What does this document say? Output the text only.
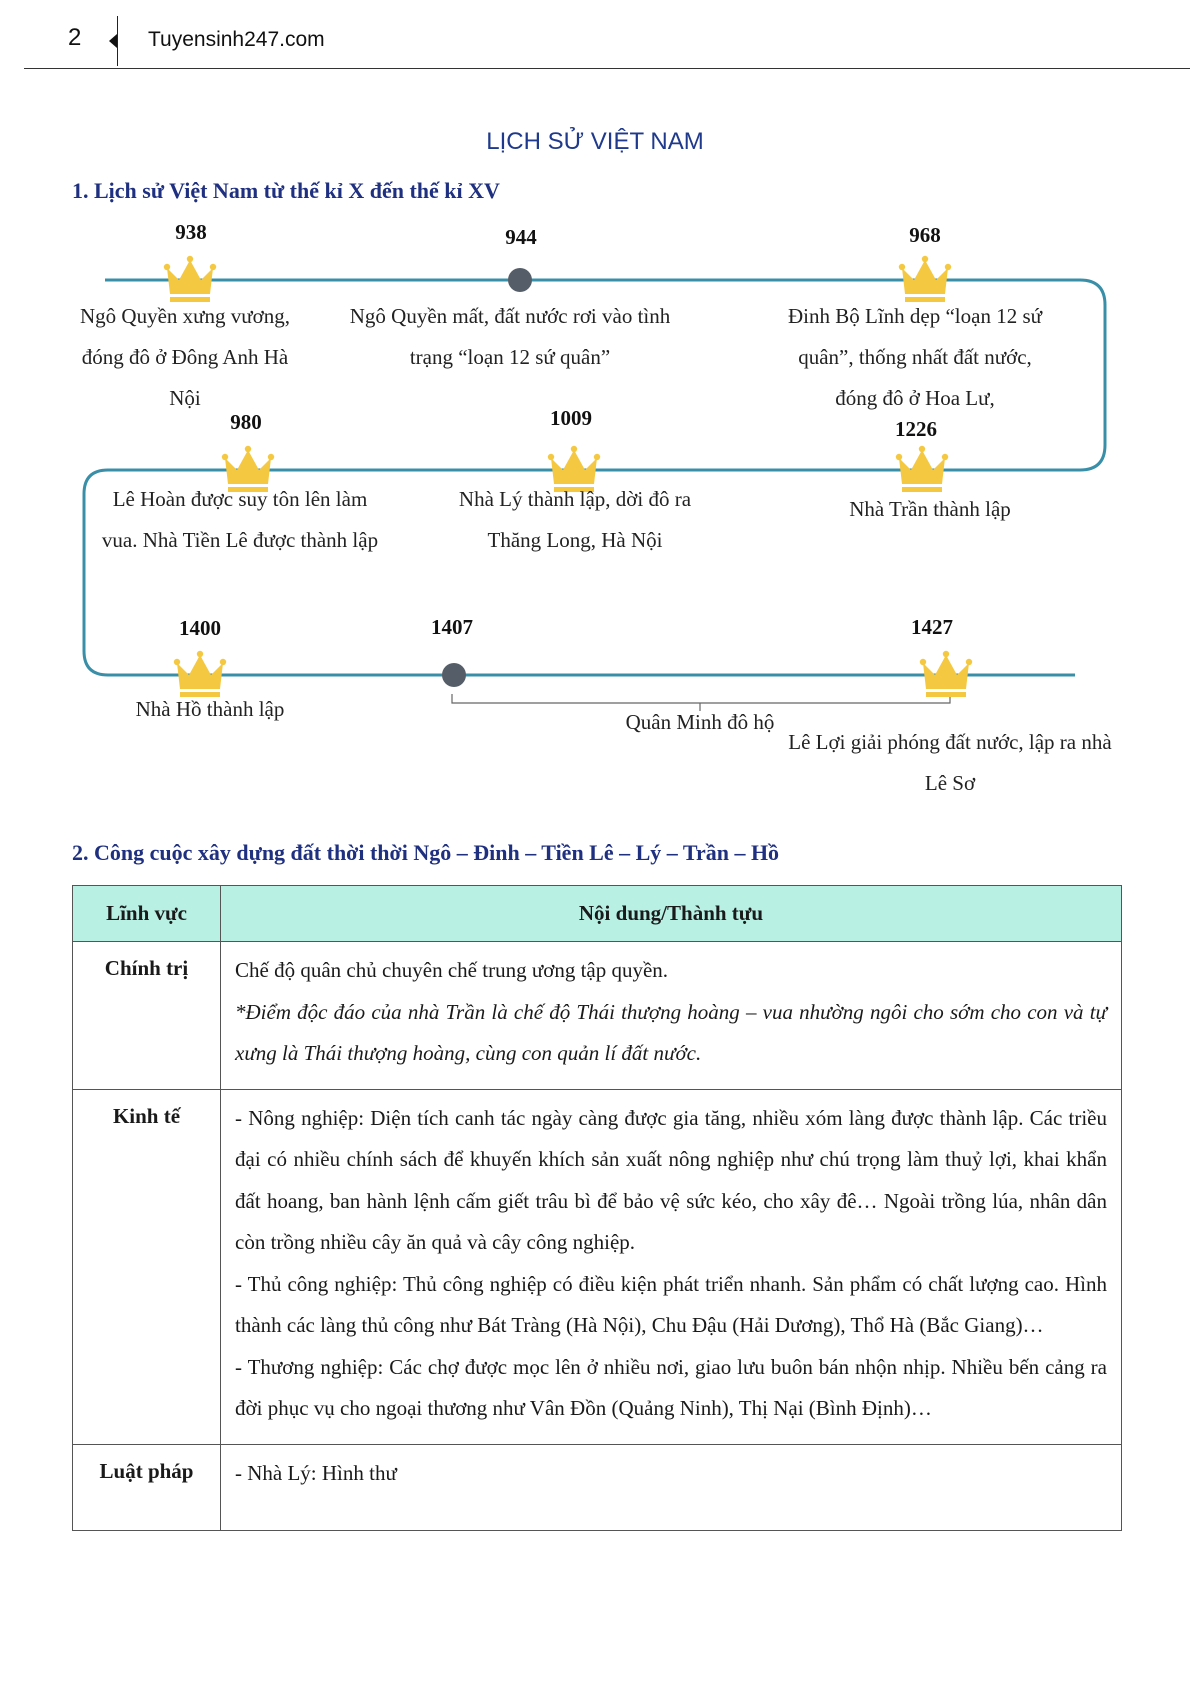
2	Tuyensinh247.com
LỊCH SỬ VIỆT NAM
1. Lịch sử Việt Nam từ thế kỉ X đến thế kỉ XV
938	944	968
980	1009	1226
1400	1407	1427
Ngô Quyền xưng vương, đóng đô ở Đông Anh Hà Nội
Ngô Quyền mất, đất nước rơi vào tình trạng “loạn 12 sứ quân”
Đinh Bộ Lĩnh dẹp “loạn 12 sứ quân”, thống nhất đất nước, đóng đô ở Hoa Lư,
Lê Hoàn được suy tôn lên làm vua. Nhà Tiền Lê được thành lập
Nhà Lý thành lập, dời đô ra Thăng Long, Hà Nội
Nhà Trần thành lập
Nhà Hồ thành lập
Lê Lợi giải phóng đất nước, lập ra nhà Lê Sơ
Quân Minh đô hộ
2. Công cuộc xây dựng đất thời thời Ngô – Đinh – Tiền Lê – Lý – Trần – Hồ
Lĩnh vực	Nội dung/Thành tựu
Chính trị	Chế độ quân chủ chuyên chế trung ương tập quyền.

*Điểm độc đáo của nhà Trần là chế độ Thái thượng hoàng – vua nhường ngôi cho sớm cho con và tự xưng là Thái thượng hoàng, cùng con quản lí đất nước.

Kinh tế	- Nông nghiệp: Diện tích canh tác ngày càng được gia tăng, nhiều xóm làng được thành lập. Các triều đại có nhiều chính sách để khuyến khích sản xuất nông nghiệp như chú trọng làm thuỷ lợi, khai khẩn đất hoang, ban hành lệnh cấm giết trâu bì để bảo vệ sức kéo, cho xây đê… Ngoài trồng lúa, nhân dân còn trồng nhiều cây ăn quả và cây công nghiệp.

- Thủ công nghiệp: Thủ công nghiệp có điều kiện phát triển nhanh. Sản phẩm có chất lượng cao. Hình thành các làng thủ công như Bát Tràng (Hà Nội), Chu Đậu (Hải Dương), Thổ Hà (Bắc Giang)…

- Thương nghiệp: Các chợ được mọc lên ở nhiều nơi, giao lưu buôn bán nhộn nhịp. Nhiều bến cảng ra đời phục vụ cho ngoại thương như Vân Đồn (Quảng Ninh), Thị Nại (Bình Định)…

Luật pháp	- Nhà Lý: Hình thư
